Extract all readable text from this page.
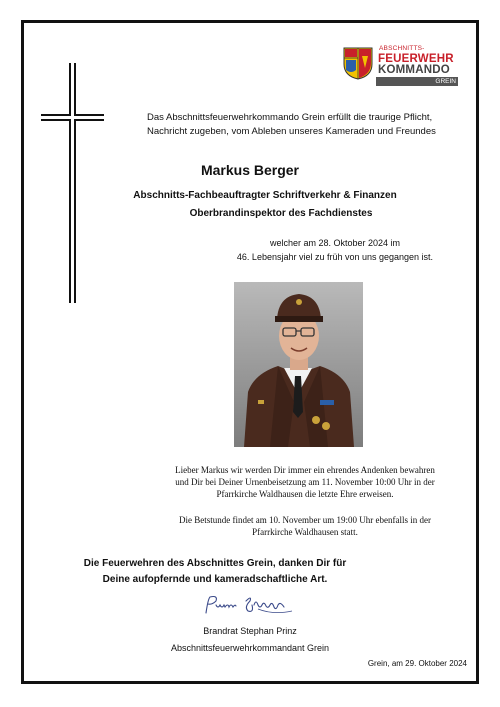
ABSCHNITTS-
FEUERWEHR
KOMMANDO
GREIN
Das Abschnittsfeuerwehrkommando Grein erfüllt die traurige Pflicht, Nachricht zugeben, vom Ableben unseres Kameraden und Freundes
Markus Berger
Abschnitts-Fachbeauftragter Schriftverkehr & Finanzen
Oberbrandinspektor des Fachdienstes
welcher am 28. Oktober 2024 im
46. Lebensjahr viel zu früh von uns gegangen ist.
Lieber Markus wir werden Dir immer ein ehrendes Andenken bewahren
und Dir bei Deiner Urnenbeisetzung am 11. November 10:00 Uhr in der
Pfarrkirche Waldhausen die letzte Ehre erweisen.
Die Betstunde findet am 10. November um 19:00 Uhr ebenfalls in der
Pfarrkirche Waldhausen statt.
Die Feuerwehren des Abschnittes Grein, danken Dir für
Deine aufopfernde und kameradschaftliche Art.
Brandrat Stephan Prinz
Abschnittsfeuerwehrkommandant Grein
Grein, am 29. Oktober 2024
